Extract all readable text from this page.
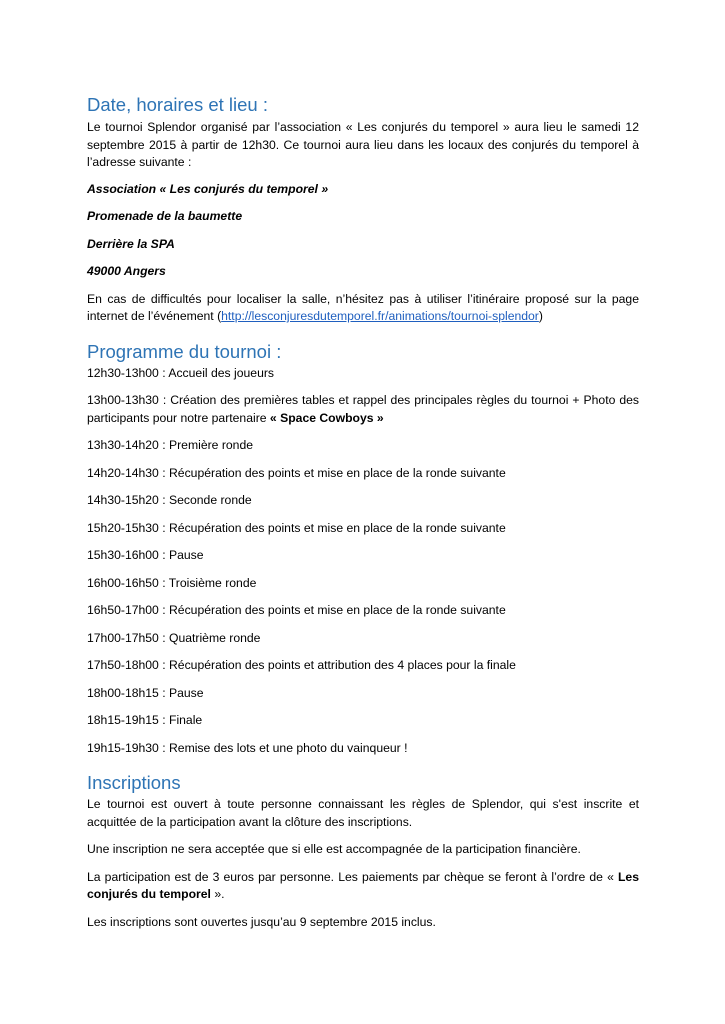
Date, horaires et lieu :

Le tournoi Splendor organisé par l’association « Les conjurés du temporel » aura lieu le samedi 12 septembre 2015 à partir de 12h30. Ce tournoi aura lieu dans les locaux des conjurés du temporel à l’adresse suivante :

Association « Les conjurés du temporel »

Promenade de la baumette

Derrière la SPA

49000 Angers

En cas de difficultés pour localiser la salle, n’hésitez pas à utiliser l’itinéraire proposé sur la page internet de l’événement (http://lesconjuresdutemporel.fr/animations/tournoi-splendor)

Programme du tournoi :

12h30-13h00 : Accueil des joueurs

13h00-13h30 : Création des premières tables et rappel des principales règles du tournoi + Photo des participants pour notre partenaire « Space Cowboys »

13h30-14h20 : Première ronde

14h20-14h30 : Récupération des points et mise en place de la ronde suivante

14h30-15h20 : Seconde ronde

15h20-15h30 : Récupération des points et mise en place de la ronde suivante

15h30-16h00 : Pause

16h00-16h50 : Troisième ronde

16h50-17h00 : Récupération des points et mise en place de la ronde suivante

17h00-17h50 : Quatrième ronde

17h50-18h00 : Récupération des points et attribution des 4 places pour la finale

18h00-18h15 : Pause

18h15-19h15 : Finale

19h15-19h30 : Remise des lots et une photo du vainqueur !

Inscriptions

Le tournoi est ouvert à toute personne connaissant les règles de Splendor, qui s'est inscrite et acquittée de la participation avant la clôture des inscriptions.

Une inscription ne sera acceptée que si elle est accompagnée de la participation financière.

La participation est de 3 euros par personne. Les paiements par chèque se feront à l’ordre de « Les conjurés du temporel ».

Les inscriptions sont ouvertes jusqu’au 9 septembre 2015 inclus.
